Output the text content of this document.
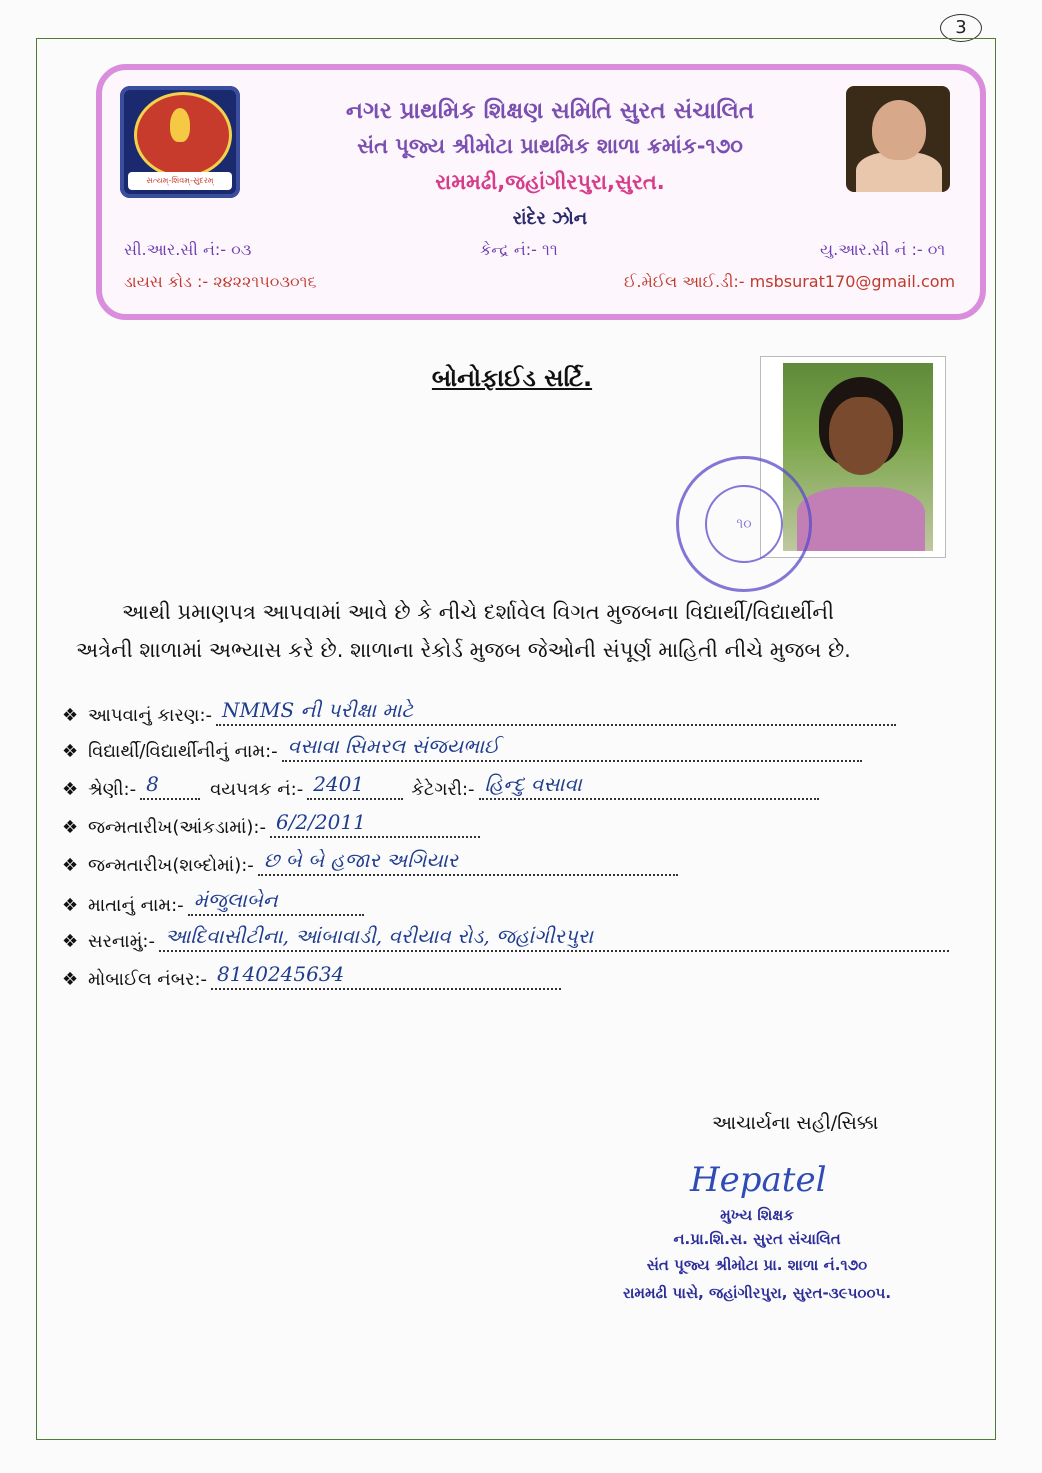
3
સત્યમ્-શિવમ્-સુંદરમ્
નગર પ્રાથમિક શિક્ષણ સમિતિ સુરત સંચાલિત
સંત પૂજ્ય શ્રીમોટા પ્રાથમિક શાળા ક્રમાંક-૧૭૦
રામમઢી,જહાંગીરપુરા,સુરત.
રાંદેર ઝોન
સી.આર.સી નં:- ૦૩	કેન્દ્ર નં:- ૧૧	યુ.આર.સી નં :- ૦૧
ડાયસ કોડ :- ૨૪૨૨૧૫૦૩૦૧૬	ઈ.મેઈલ આઈ.ડી:- msbsurat170@gmail.com
બોનોફાઈડ સર્ટિ.
૧૦
આથી પ્રમાણપત્ર આપવામાં આવે છે કે નીચે દર્શાવેલ વિગત મુજબના વિદ્યાર્થી/વિદ્યાર્થીની
અત્રેની શાળામાં અભ્યાસ કરે છે. શાળાના રેકોર્ડ મુજબ જેઓની સંપૂર્ણ માહિતી નીચે મુજબ છે.
❖ આપવાનું કારણ:- NMMS ની પરીક્ષા માટે
❖ વિદ્યાર્થી/વિદ્યાર્થીનીનું નામ:- વસાવા સિમરલ સંજયભાઈ
❖ શ્રેણી:- 8	વયપત્રક નં:- 2401	કેટેગરી:- હિન્દુ વસાવા
❖ જન્મતારીખ(આંકડામાં):- 6/2/2011
❖ જન્મતારીખ(શબ્દોમાં):- છ બે બે હજાર અગિયાર
❖ માતાનું નામ:- મંજુલાબેન
❖ સરનામું:- આદિવાસીટીના, આંબાવાડી, વરીયાવ રોડ, જહાંગીરપુરા
❖ મોબાઈલ નંબર:- 8140245634
આચાર્યના સહી/સિક્કા
Hepatel
મુખ્ય શિક્ષક
ન.પ્રા.શિ.સ. સુરત સંચાલિત
સંત પૂજ્ય શ્રીમોટા પ્રા. શાળા નં.૧૭૦
રામમઢી પાસે, જહાંગીરપુરા, સુરત-૩૯૫૦૦૫.
